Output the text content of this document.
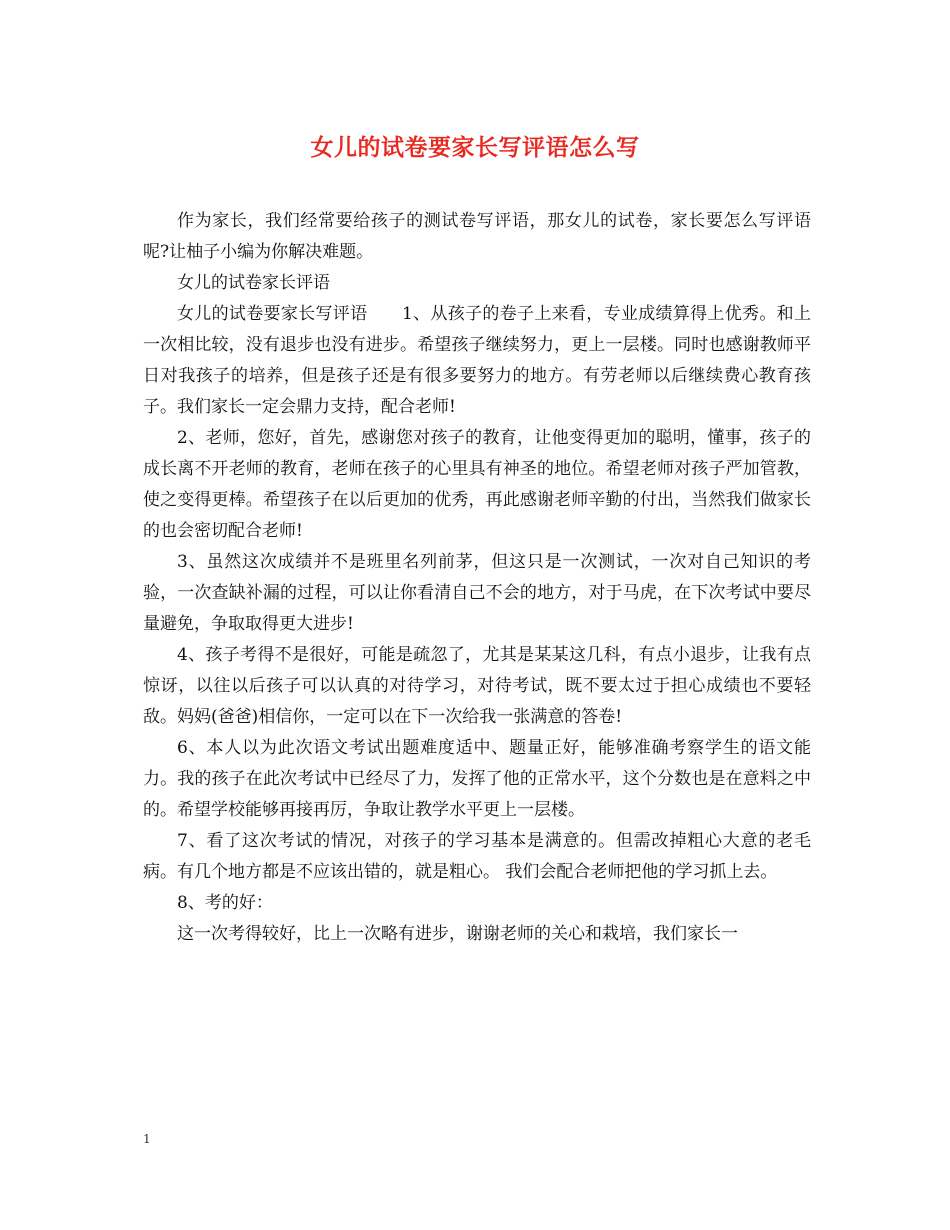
女儿的试卷要家长写评语怎么写

作为家长，我们经常要给孩子的测试卷写评语，那女儿的试卷，家长要怎么写评语呢?让柚子小编为你解决难题。

女儿的试卷家长评语

女儿的试卷要家长写评语　　1、从孩子的卷子上来看，专业成绩算得上优秀。和上一次相比较，没有退步也没有进步。希望孩子继续努力，更上一层楼。同时也感谢教师平日对我孩子的培养，但是孩子还是有很多要努力的地方。有劳老师以后继续费心教育孩子。我们家长一定会鼎力支持，配合老师!

2、老师，您好，首先，感谢您对孩子的教育，让他变得更加的聪明，懂事，孩子的成长离不开老师的教育，老师在孩子的心里具有神圣的地位。希望老师对孩子严加管教，使之变得更棒。希望孩子在以后更加的优秀，再此感谢老师辛勤的付出，当然我们做家长的也会密切配合老师!

3、虽然这次成绩并不是班里名列前茅，但这只是一次测试，一次对自己知识的考验，一次查缺补漏的过程，可以让你看清自己不会的地方，对于马虎，在下次考试中要尽量避免，争取取得更大进步!

4、孩子考得不是很好，可能是疏忽了，尤其是某某这几科，有点小退步，让我有点惊讶，以往以后孩子可以认真的对待学习，对待考试，既不要太过于担心成绩也不要轻敌。妈妈(爸爸)相信你，一定可以在下一次给我一张满意的答卷!

6、本人以为此次语文考试出题难度适中、题量正好，能够准确考察学生的语文能力。我的孩子在此次考试中已经尽了力，发挥了他的正常水平，这个分数也是在意料之中的。希望学校能够再接再厉，争取让教学水平更上一层楼。

7、看了这次考试的情况，对孩子的学习基本是满意的。但需改掉粗心大意的老毛病。有几个地方都是不应该出错的，就是粗心。 我们会配合老师把他的学习抓上去。

8、考的好：

这一次考得较好，比上一次略有进步，谢谢老师的关心和栽培，我们家长一

1
